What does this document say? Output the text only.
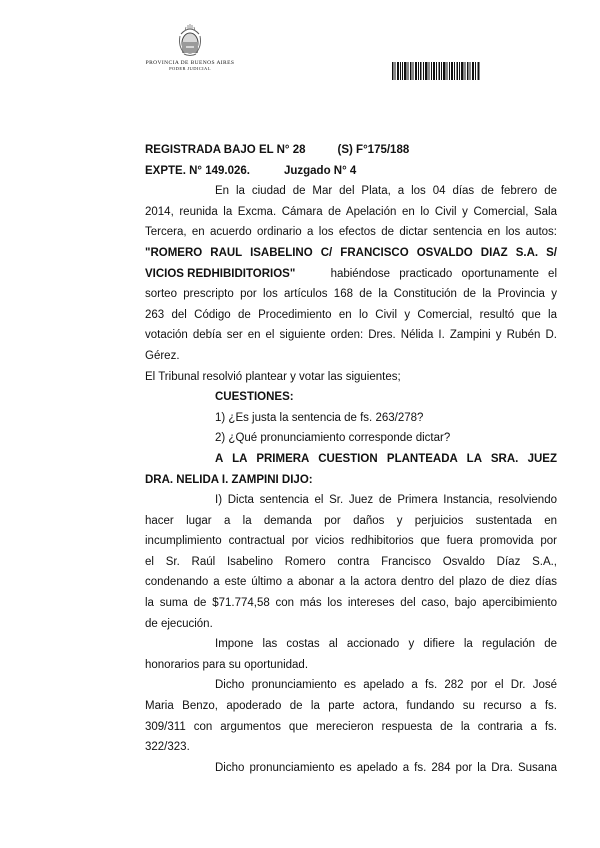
PROVINCIA DE BUENOS AIRES
PODER JUDICIAL
REGISTRADA BAJO EL N° 28	(S) F°175/188
EXPTE. N° 149.026.	Juzgado N° 4
En la ciudad de Mar del Plata, a los 04 días de febrero de
2014, reunida la Excma. Cámara de Apelación en lo Civil y Comercial, Sala
Tercera, en acuerdo ordinario a los efectos de dictar sentencia en los autos:
"ROMERO RAUL ISABELINO C/ FRANCISCO OSVALDO DIAZ S.A. S/
VICIOS REDHIBIDITORIOS" habiéndose practicado oportunamente el
sorteo prescripto por los artículos 168 de la Constitución de la Provincia y
263 del Código de Procedimiento en lo Civil y Comercial, resultó que la
votación debía ser en el siguiente orden: Dres. Nélida I. Zampini y Rubén D.
Gérez.
El Tribunal resolvió plantear y votar las siguientes;
CUESTIONES:
1) ¿Es justa la sentencia de fs. 263/278?
2) ¿Qué pronunciamiento corresponde dictar?
A LA PRIMERA CUESTION PLANTEADA LA SRA. JUEZ
DRA. NELIDA I. ZAMPINI DIJO:
I) Dicta sentencia el Sr. Juez de Primera Instancia, resolviendo
hacer lugar a la demanda por daños y perjuicios sustentada en
incumplimiento contractual por vicios redhibitorios que fuera promovida por
el Sr. Raúl Isabelino Romero contra Francisco Osvaldo Díaz S.A.,
condenando a este último a abonar a la actora dentro del plazo de diez días
la suma de $71.774,58 con más los intereses del caso, bajo apercibimiento
de ejecución.
Impone las costas al accionado y difiere la regulación de
honorarios para su oportunidad.
Dicho pronunciamiento es apelado a fs. 282 por el Dr. José
Maria Benzo, apoderado de la parte actora, fundando su recurso a fs.
309/311 con argumentos que merecieron respuesta de la contraria a fs.
322/323.
Dicho pronunciamiento es apelado a fs. 284 por la Dra. Susana
